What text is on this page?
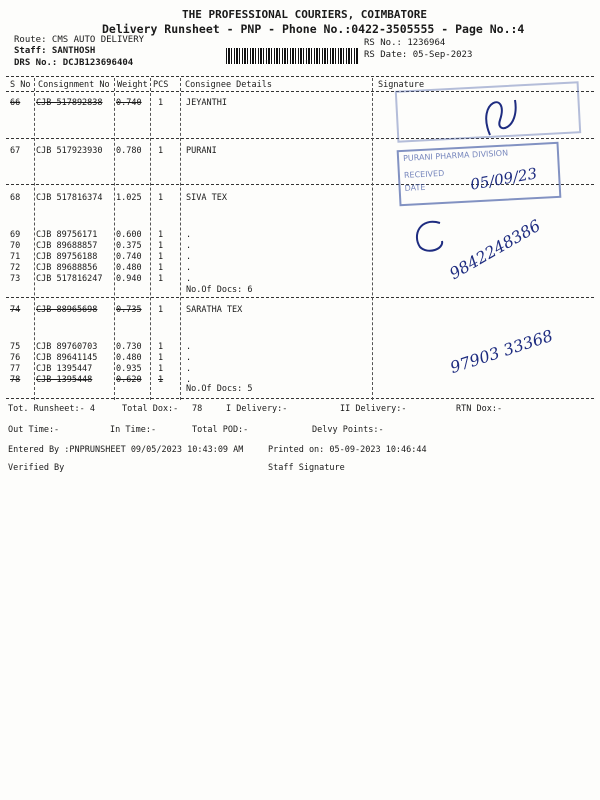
THE PROFESSIONAL COURIERS, COIMBATORE
Delivery Runsheet - PNP - Phone No.:0422-3505555 - Page No.:4
Route: CMS AUTO DELIVERY
Staff: SANTHOSH
DRS No.: DCJB123696404
RS No.: 1236964
RS Date: 05-Sep-2023
S No Consignment No Weight PCS Consignee Details	Signature
66 CJB 517892838 0.740 1	JEYANTHI
67 CJB 517923930 0.780 1	PURANI
68 CJB 517816374 1.025 1	SIVA TEX
69 CJB 89756171 0.600 1	.
70 CJB 89688857 0.375 1	.
71 CJB 89756188 0.740 1	.
72 CJB 89688856 0.480 1	.
73 CJB 517816247 0.940 1	.
No.Of Docs: 6
74 CJB 88965698 0.735 1	SARATHA TEX
75 CJB 89760703 0.730 1	.
76 CJB 89641145 0.480 1	.
77 CJB 1395447	0.935 1	.
78 CJB 1395448	0.620 1	.
No.Of Docs: 5
PURANI PHARMA DIVISION
RECEIVED
DATE	05/09/23
9842248386
97903 33368
Tot. Runsheet:- 4	Total Dox:- 78	I Delivery:-	II Delivery:-	RTN Dox:-
Out Time:-	In Time:-	Total POD:-	Delvy Points:-
Entered By :PNPRUNSHEET 09/05/2023 10:43:09 AM	Printed on: 05-09-2023 10:46:44
Verified By	Staff Signature
